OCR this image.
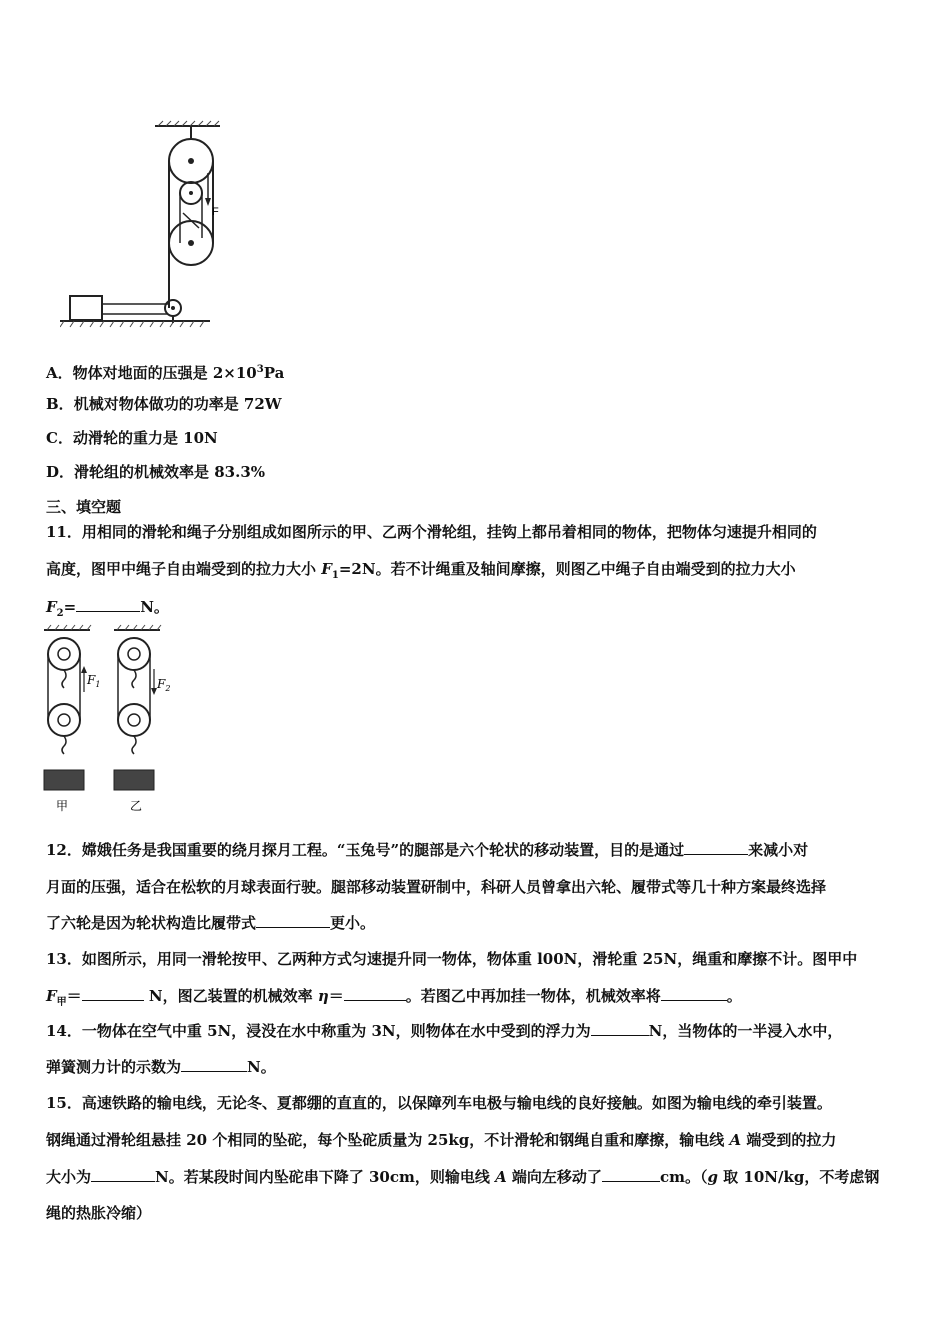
F
A．物体对地面的压强是 $2\times 10^3Pa$
B．机械对物体做功的功率是 72W
C．动滑轮的重力是 10N
D．滑轮组的机械效率是 83.3%
三、填空题
11．用相同的滑轮和绳子分别组成如图所示的甲、乙两个滑轮组，挂钩上都吊着相同的物体，把物体匀速提升相同的
高度，图甲中绳子自由端受到的拉力大小 $F_1=2N$。若不计绳重及轴间摩擦，则图乙中绳子自由端受到的拉力大小
$F_2=$	N。
$F_1$
甲
$F_2$
乙
12．嫦娥任务是我国重要的绕月探月工程。“玉兔号”的腿部是六个轮状的移动装置，目的是通过	来减小对
月面的压强，适合在松软的月球表面行驶。腿部移动装置研制中，科研人员曾拿出六轮、履带式等几十种方案最终选择
了六轮是因为轮状构造比履带式	更小。
13．如图所示，用同一滑轮按甲、乙两种方式匀速提升同一物体，物体重 l00N，滑轮重 25N，绳重和摩擦不计。图甲中
$F_甲=$	N，图乙装置的机械效率 η＝	。若图乙中再加挂一物体，机械效率将	。
14．一物体在空气中重 5N，浸没在水中称重为 3N，则物体在水中受到的浮力为	N，当物体的一半浸入水中，
弹簧测力计的示数为	N。
15．高速铁路的输电线，无论冬、夏都绷的直直的，以保障列车电极与输电线的良好接触。如图为输电线的牵引装置。
钢绳通过滑轮组悬挂 20 个相同的坠砣，每个坠砣质量为 25kg，不计滑轮和钢绳自重和摩擦，输电线 A 端受到的拉力
大小为	N。若某段时间内坠砣串下降了 30cm，则输电线 A 端向左移动了	cm。（g 取 10N/kg，不考虑钢
绳的热胀冷缩）
